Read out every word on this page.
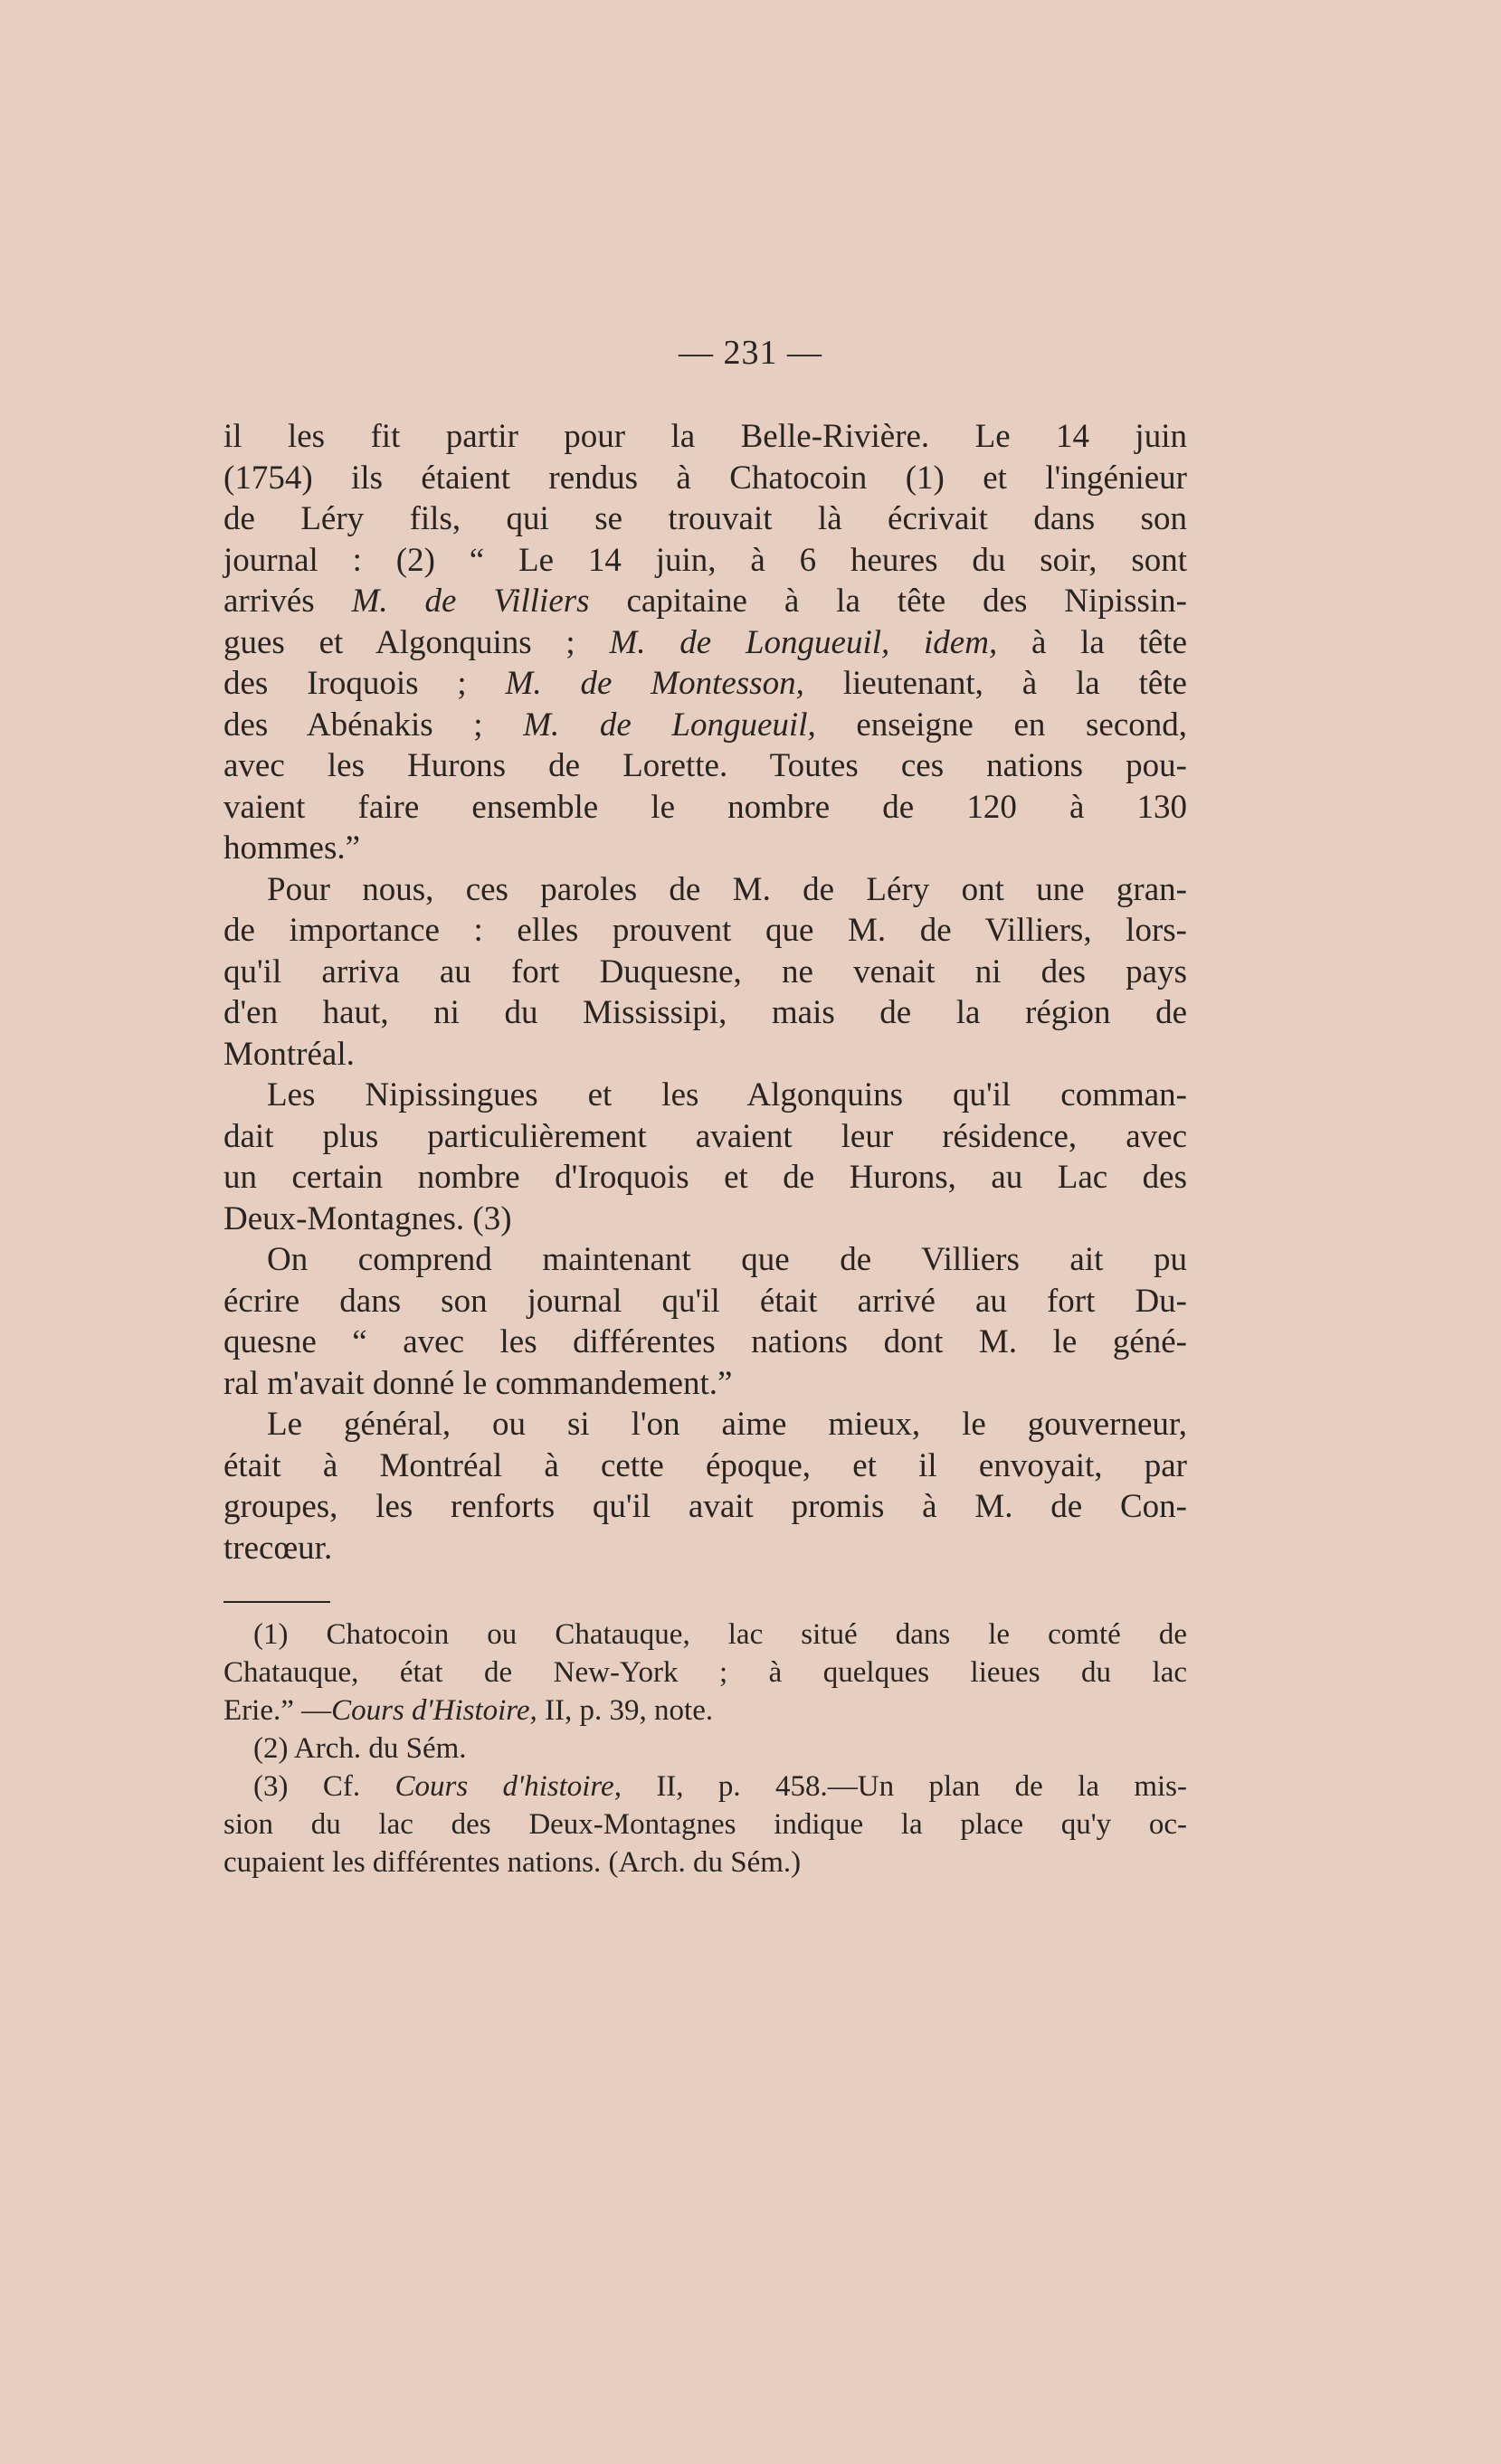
— 231 —
il les fit partir pour la Belle-Rivière. Le 14 juin
(1754) ils étaient rendus à Chatocoin (1) et l'ingénieur
de Léry fils, qui se trouvait là écrivait dans son
journal : (2) “ Le 14 juin, à 6 heures du soir, sont
arrivés M. de Villiers capitaine à la tête des Nipissin-
gues et Algonquins ; M. de Longueuil, idem, à la tête
des Iroquois ; M. de Montesson, lieutenant, à la tête
des Abénakis ; M. de Longueuil, enseigne en second,
avec les Hurons de Lorette. Toutes ces nations pou-
vaient faire ensemble le nombre de 120 à 130
hommes.”
Pour nous, ces paroles de M. de Léry ont une gran-
de importance : elles prouvent que M. de Villiers, lors-
qu'il arriva au fort Duquesne, ne venait ni des pays
d'en haut, ni du Mississipi, mais de la région de
Montréal.
Les Nipissingues et les Algonquins qu'il comman-
dait plus particulièrement avaient leur résidence, avec
un certain nombre d'Iroquois et de Hurons, au Lac des
Deux-Montagnes. (3)
On comprend maintenant que de Villiers ait pu
écrire dans son journal qu'il était arrivé au fort Du-
quesne “ avec les différentes nations dont M. le géné-
ral m'avait donné le commandement.”
Le général, ou si l'on aime mieux, le gouverneur,
était à Montréal à cette époque, et il envoyait, par
groupes, les renforts qu'il avait promis à M. de Con-
trecœur.
(1) Chatocoin ou Chatauque, lac situé dans le comté de
Chatauque, état de New-York ; à quelques lieues du lac
Erie.” —Cours d'Histoire, II, p. 39, note.
(2) Arch. du Sém.
(3) Cf. Cours d'histoire, II, p. 458.—Un plan de la mis-
sion du lac des Deux-Montagnes indique la place qu'y oc-
cupaient les différentes nations. (Arch. du Sém.)
